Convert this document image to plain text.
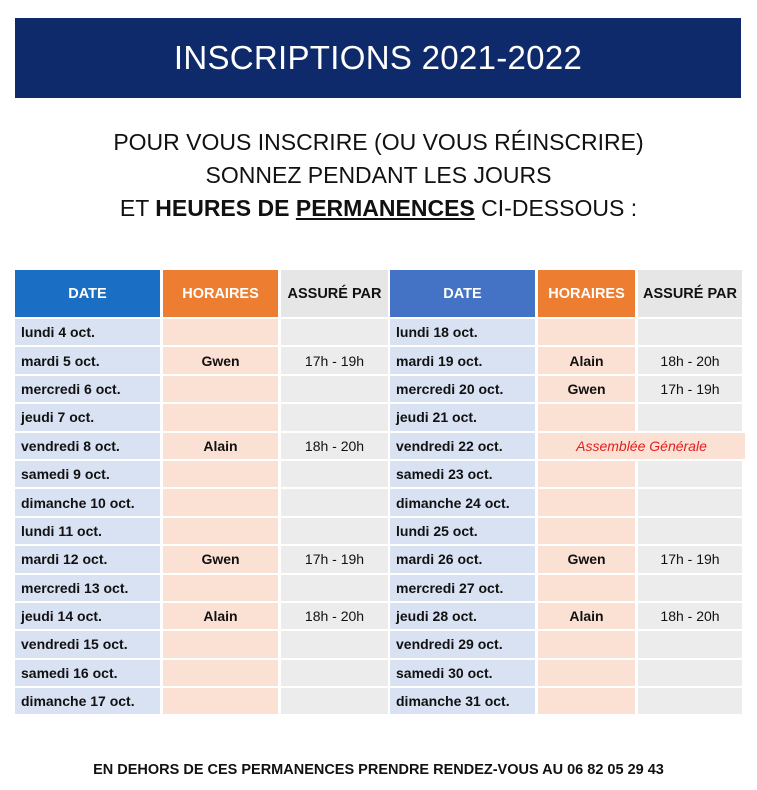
INSCRIPTIONS 2021-2022
POUR VOUS INSCRIRE (OU VOUS RÉINSCRIRE)
SONNEZ PENDANT LES JOURS
ET HEURES DE PERMANENCES CI-DESSOUS :
DATE	HORAIRES	ASSURÉ PAR
lundi 4 oct.
mardi 5 oct.	Gwen	17h - 19h
mercredi 6 oct.
jeudi 7 oct.
vendredi 8 oct.	Alain	18h - 20h
samedi 9 oct.
dimanche 10 oct.
lundi 11 oct.
mardi 12 oct.	Gwen	17h - 19h
mercredi 13 oct.
jeudi 14 oct.	Alain	18h - 20h
vendredi 15 oct.
samedi 16 oct.
dimanche 17 oct.
DATE	HORAIRES	ASSURÉ PAR
lundi 18 oct.
mardi 19 oct.	Alain	18h - 20h
mercredi 20 oct.	Gwen	17h - 19h
jeudi 21 oct.
vendredi 22 oct.	Assemblée Générale
samedi 23 oct.
dimanche 24 oct.
lundi 25 oct.
mardi 26 oct.	Gwen	17h - 19h
mercredi 27 oct.
jeudi 28 oct.	Alain	18h - 20h
vendredi 29 oct.
samedi 30 oct.
dimanche 31 oct.
EN DEHORS DE CES PERMANENCES PRENDRE RENDEZ-VOUS AU 06 82 05 29 43
